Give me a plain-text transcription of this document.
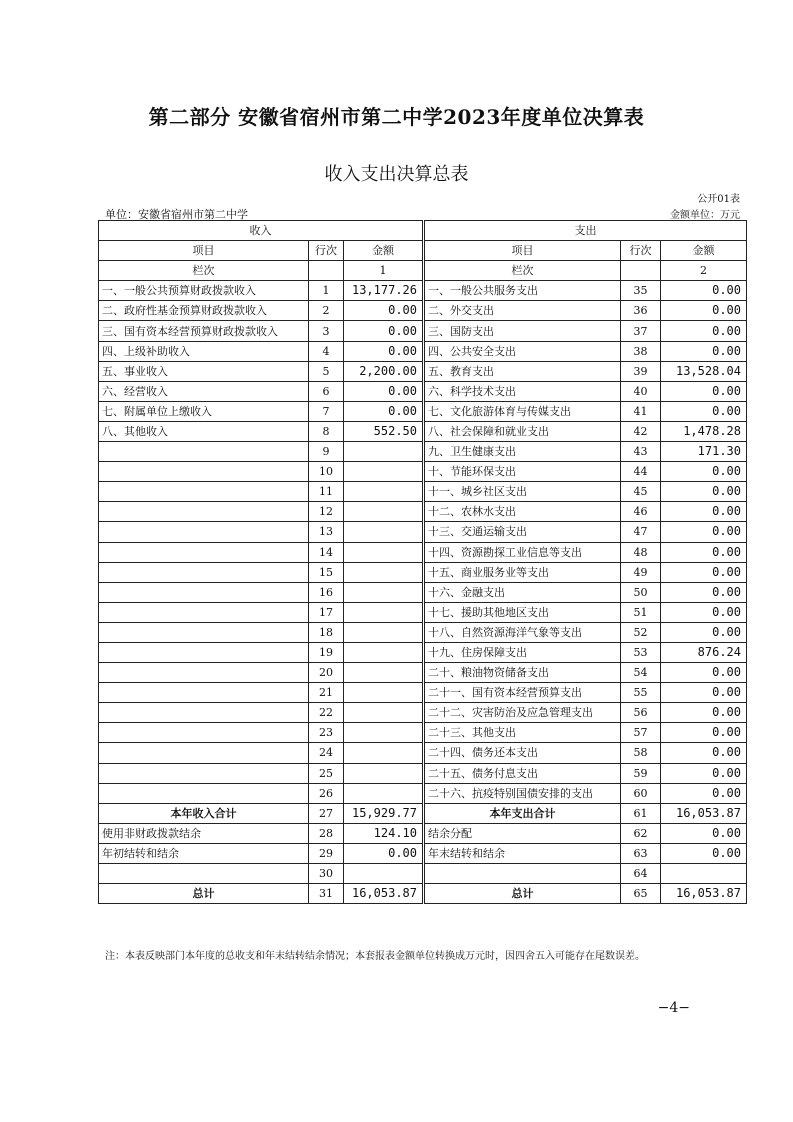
第二部分 安徽省宿州市第二中学2023年度单位决算表
收入支出决算总表
公开01表
单位：安徽省宿州市第二中学	金额单位：万元
收入			支出		
项目	行次	金额	项目	行次	金额
栏次		1	栏次		2
一、一般公共预算财政拨款收入	1	13,177.26	一、一般公共服务支出	35	0.00
二、政府性基金预算财政拨款收入	2	0.00	二、外交支出	36	0.00
三、国有资本经营预算财政拨款收入	3	0.00	三、国防支出	37	0.00
四、上级补助收入	4	0.00	四、公共安全支出	38	0.00
五、事业收入	5	2,200.00	五、教育支出	39	13,528.04
六、经营收入	6	0.00	六、科学技术支出	40	0.00
七、附属单位上缴收入	7	0.00	七、文化旅游体育与传媒支出	41	0.00
八、其他收入	8	552.50	八、社会保障和就业支出	42	1,478.28
	9		九、卫生健康支出	43	171.30
	10		十、节能环保支出	44	0.00
	11		十一、城乡社区支出	45	0.00
	12		十二、农林水支出	46	0.00
	13		十三、交通运输支出	47	0.00
	14		十四、资源勘探工业信息等支出	48	0.00
	15		十五、商业服务业等支出	49	0.00
	16		十六、金融支出	50	0.00
	17		十七、援助其他地区支出	51	0.00
	18		十八、自然资源海洋气象等支出	52	0.00
	19		十九、住房保障支出	53	876.24
	20		二十、粮油物资储备支出	54	0.00
	21		二十一、国有资本经营预算支出	55	0.00
	22		二十二、灾害防治及应急管理支出	56	0.00
	23		二十三、其他支出	57	0.00
	24		二十四、债务还本支出	58	0.00
	25		二十五、债务付息支出	59	0.00
	26		二十六、抗疫特别国债安排的支出	60	0.00
本年收入合计	27	15,929.77	本年支出合计	61	16,053.87
使用非财政拨款结余	28	124.10	结余分配	62	0.00
年初结转和结余	29	0.00	年末结转和结余	63	0.00
	30			64	
总计	31	16,053.87	总计	65	16,053.87
注：本表反映部门本年度的总收支和年末结转结余情况；本套报表金额单位转换成万元时，因四舍五入可能存在尾数误差。
−4−
